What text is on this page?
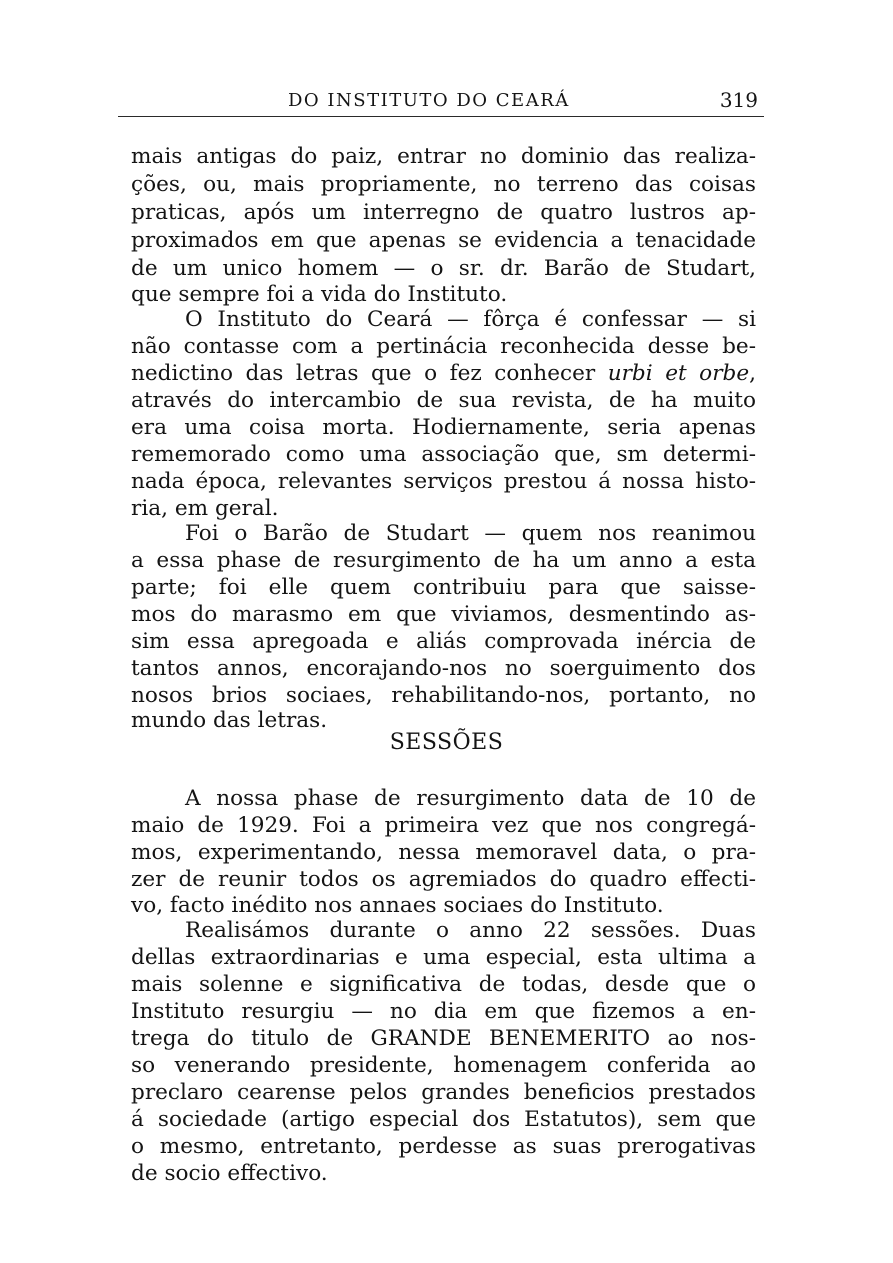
DO INSTITUTO DO CEARÁ	319
mais antigas do paiz, entrar no dominio das realiza-
ções, ou, mais propriamente, no terreno das coisas
praticas, após um interregno de quatro lustros ap-
proximados em que apenas se evidencia a tenacidade
de um unico homem — o sr. dr. Barão de Studart,
que sempre foi a vida do Instituto.
O Instituto do Ceará — fôrça é confessar — si
não contasse com a pertinácia reconhecida desse be-
nedictino das letras que o fez conhecer urbi et orbe,
através do intercambio de sua revista, de ha muito
era uma coisa morta. Hodiernamente, seria apenas
rememorado como uma associação que, sm determi-
nada época, relevantes serviços prestou á nossa histo-
ria, em geral.
Foi o Barão de Studart — quem nos reanimou
a essa phase de resurgimento de ha um anno a esta
parte; foi elle quem contribuiu para que saisse-
mos do marasmo em que viviamos, desmentindo as-
sim essa apregoada e aliás comprovada inércia de
tantos annos, encorajando-nos no soerguimento dos
nosos brios sociaes, rehabilitando-nos, portanto, no
mundo das letras.
SESSÕES
A nossa phase de resurgimento data de 10 de
maio de 1929. Foi a primeira vez que nos congregá-
mos, experimentando, nessa memoravel data, o pra-
zer de reunir todos os agremiados do quadro effecti-
vo, facto inédito nos annaes sociaes do Instituto.
Realisámos durante o anno 22 sessões. Duas
dellas extraordinarias e uma especial, esta ultima a
mais solenne e significativa de todas, desde que o
Instituto resurgiu — no dia em que fizemos a en-
trega do titulo de GRANDE BENEMERITO ao nos-
so venerando presidente, homenagem conferida ao
preclaro cearense pelos grandes beneficios prestados
á sociedade (artigo especial dos Estatutos), sem que
o mesmo, entretanto, perdesse as suas prerogativas
de socio effectivo.
